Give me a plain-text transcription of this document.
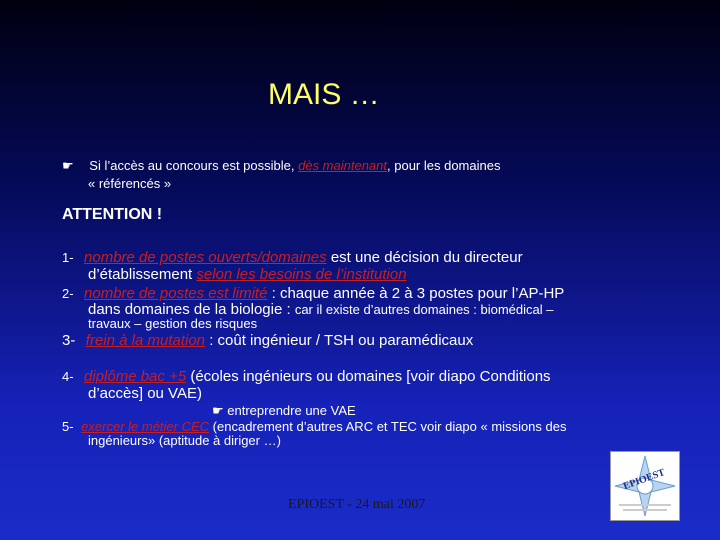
MAIS …
☛ Si l’accès au concours est possible, dès maintenant, pour les domaines
« référencés »
ATTENTION !
1- nombre de postes ouverts/domaines est une décision du directeur
d’établissement selon les besoins de l’institution
2- nombre de postes est limité : chaque année à 2 à 3 postes pour l’AP-HP
dans domaines de la biologie : car il existe d’autres domaines : biomédical –
travaux – gestion des risques
3- frein à la mutation : coût ingénieur / TSH ou paramédicaux
4- diplôme bac +5 (écoles ingénieurs ou domaines [voir diapo Conditions
d’accès] ou VAE)
☛ entreprendre une VAE
5- exercer le métier CEC (encadrement d’autres ARC et TEC voir diapo « missions des
ingénieurs» (aptitude à diriger …)
EPIOEST - 24 mai 2007
EPIOEST
